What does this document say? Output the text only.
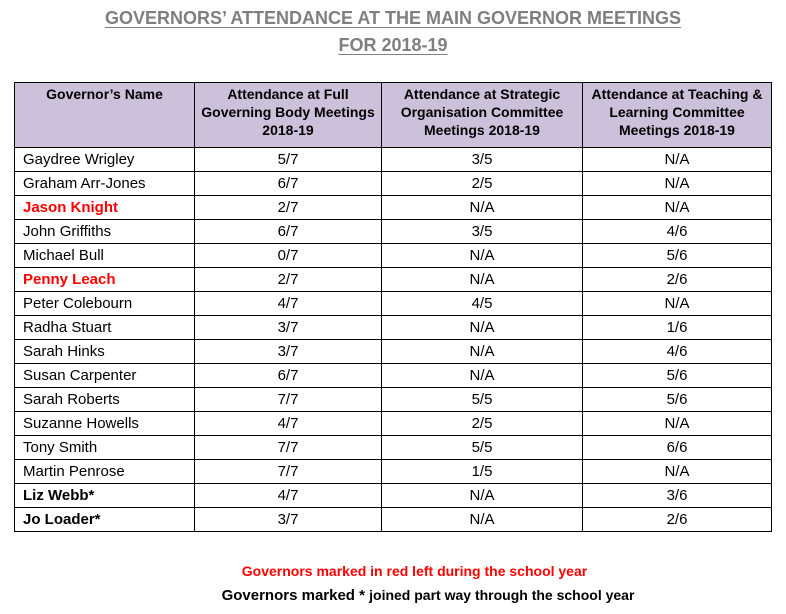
GOVERNORS’ ATTENDANCE AT THE MAIN GOVERNOR MEETINGS
FOR 2018-19
Governor’s Name	Attendance at Full Governing Body Meetings 2018-19	Attendance at Strategic Organisation Committee Meetings 2018-19	Attendance at Teaching & Learning Committee Meetings 2018-19
Gaydree Wrigley	5/7	3/5	N/A
Graham Arr-Jones	6/7	2/5	N/A
Jason Knight	2/7	N/A	N/A
John Griffiths	6/7	3/5	4/6
Michael Bull	0/7	N/A	5/6
Penny Leach	2/7	N/A	2/6
Peter Colebourn	4/7	4/5	N/A
Radha Stuart	3/7	N/A	1/6
Sarah Hinks	3/7	N/A	4/6
Susan Carpenter	6/7	N/A	5/6
Sarah Roberts	7/7	5/5	5/6
Suzanne Howells	4/7	2/5	N/A
Tony Smith	7/7	5/5	6/6
Martin Penrose	7/7	1/5	N/A
Liz Webb*	4/7	N/A	3/6
Jo Loader*	3/7	N/A	2/6
Governors marked in red left during the school year
Governors marked * joined part way through the school year
